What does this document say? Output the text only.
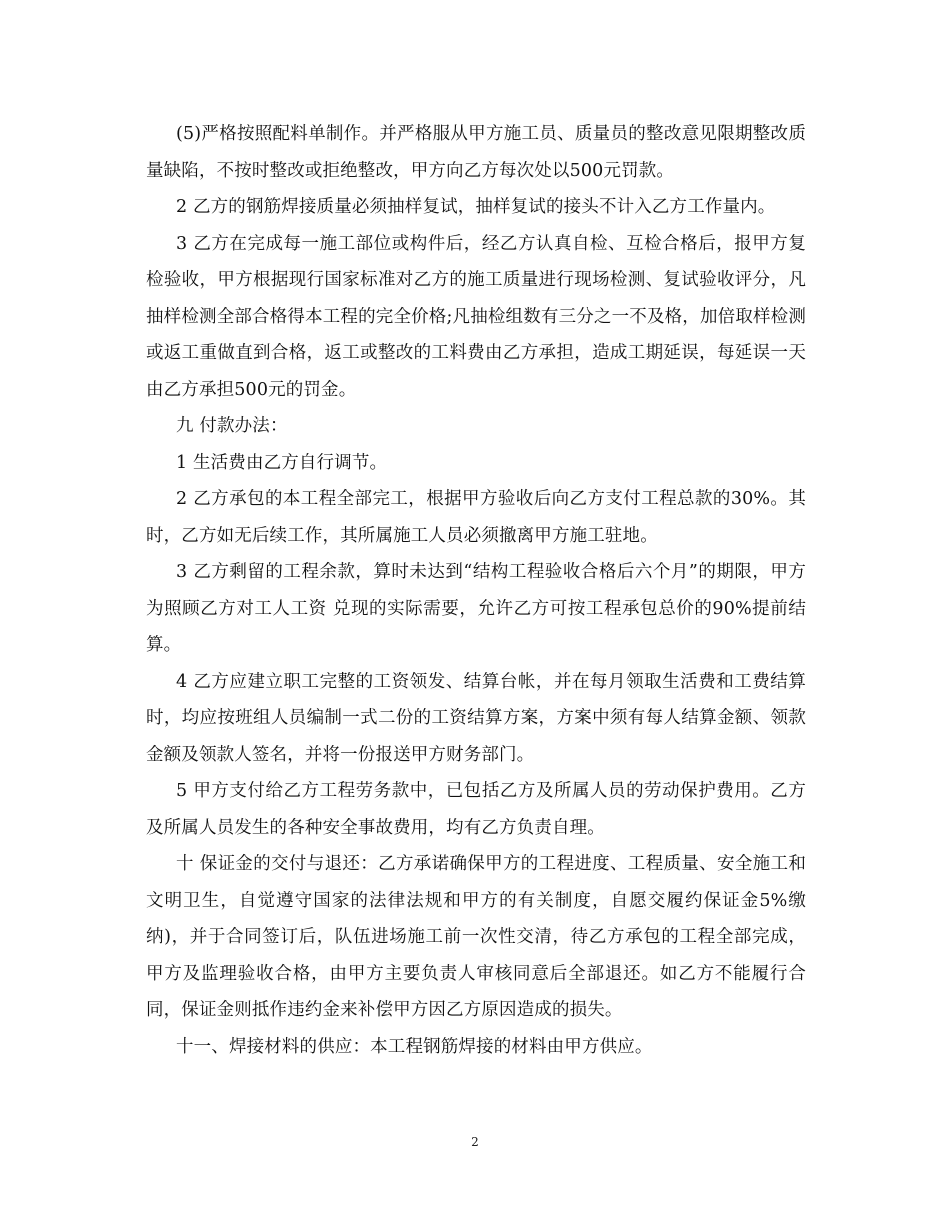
(5)严格按照配料单制作。并严格服从甲方施工员、质量员的整改意见限期整改质量缺陷，不按时整改或拒绝整改，甲方向乙方每次处以500元罚款。

2 乙方的钢筋焊接质量必须抽样复试，抽样复试的接头不计入乙方工作量内。

3 乙方在完成每一施工部位或构件后，经乙方认真自检、互检合格后，报甲方复检验收，甲方根据现行国家标准对乙方的施工质量进行现场检测、复试验收评分，凡抽样检测全部合格得本工程的完全价格;凡抽检组数有三分之一不及格，加倍取样检测或返工重做直到合格，返工或整改的工料费由乙方承担，造成工期延误，每延误一天由乙方承担500元的罚金。

九 付款办法：

1 生活费由乙方自行调节。

2 乙方承包的本工程全部完工，根据甲方验收后向乙方支付工程总款的30%。其时，乙方如无后续工作，其所属施工人员必须撤离甲方施工驻地。

3 乙方剩留的工程余款，算时未达到“结构工程验收合格后六个月”的期限，甲方为照顾乙方对工人工资 兑现的实际需要，允许乙方可按工程承包总价的90%提前结算。

4 乙方应建立职工完整的工资领发、结算台帐，并在每月领取生活费和工费结算时，均应按班组人员编制一式二份的工资结算方案，方案中须有每人结算金额、领款金额及领款人签名，并将一份报送甲方财务部门。

5 甲方支付给乙方工程劳务款中，已包括乙方及所属人员的劳动保护费用。乙方及所属人员发生的各种安全事故费用，均有乙方负责自理。

十 保证金的交付与退还：乙方承诺确保甲方的工程进度、工程质量、安全施工和文明卫生，自觉遵守国家的法律法规和甲方的有关制度，自愿交履约保证金5%缴纳)，并于合同签订后，队伍进场施工前一次性交清，待乙方承包的工程全部完成，甲方及监理验收合格，由甲方主要负责人审核同意后全部退还。如乙方不能履行合同，保证金则抵作违约金来补偿甲方因乙方原因造成的损失。

十一、焊接材料的供应：本工程钢筋焊接的材料由甲方供应。

2
